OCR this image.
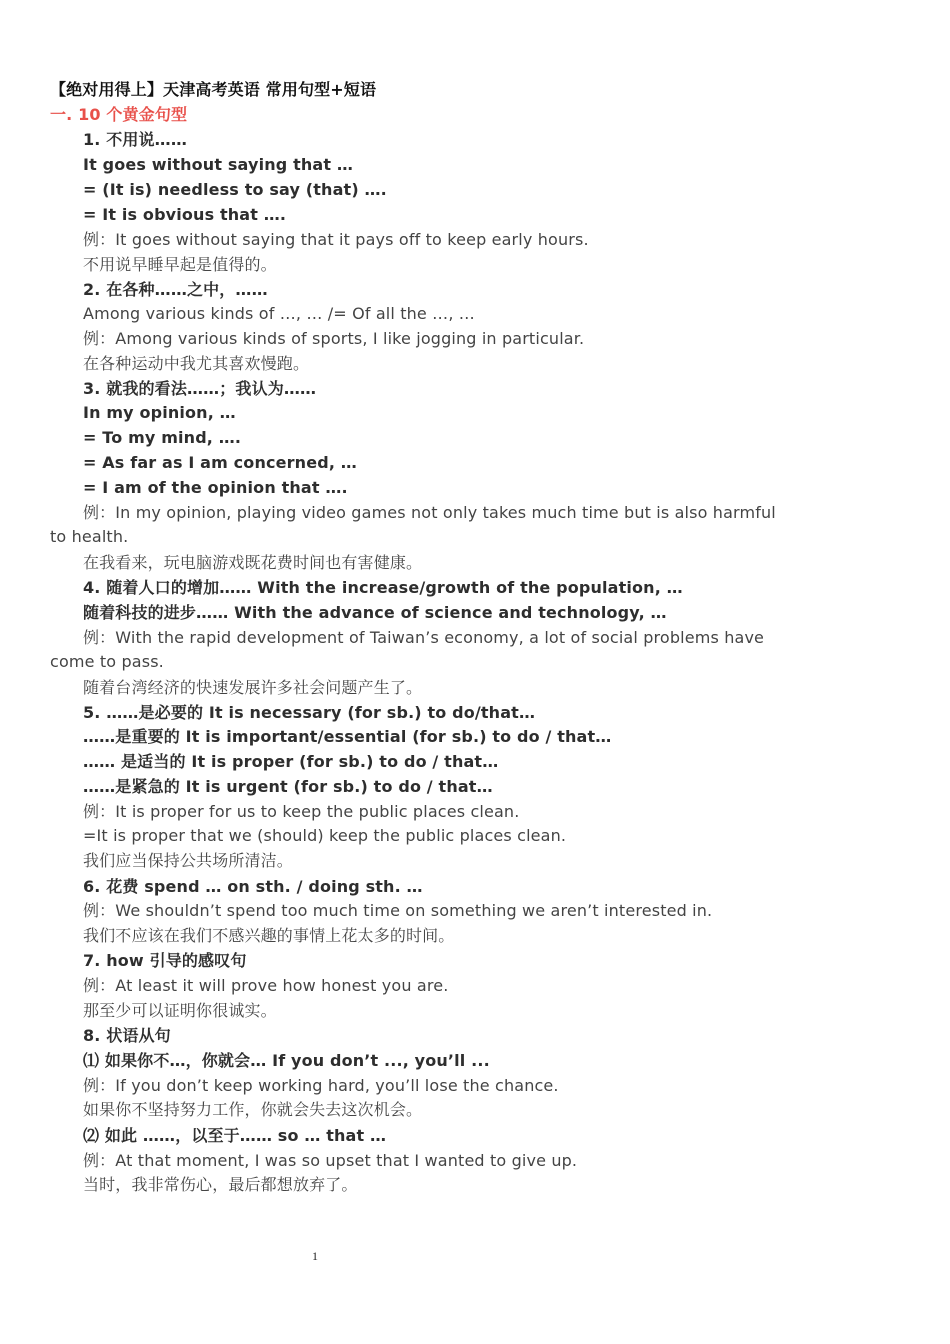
【绝对用得上】天津高考英语 常用句型+短语
一. 10 个黄金句型
1. 不用说……
It goes without saying that …
= (It is) needless to say (that) ….
= It is obvious that ….
例：It goes without saying that it pays off to keep early hours.
不用说早睡早起是值得的。
2. 在各种……之中，……
Among various kinds of …, … /= Of all the …, …
例：Among various kinds of sports, I like jogging in particular.
在各种运动中我尤其喜欢慢跑。
3. 就我的看法……；我认为……
In my opinion, …
= To my mind, ….
= As far as I am concerned, …
= I am of the opinion that ….
例：In my opinion, playing video games not only takes much time but is also harmful
to health.
在我看来，玩电脑游戏既花费时间也有害健康。
4. 随着人口的增加…… With the increase/growth of the population, …
随着科技的进步…… With the advance of science and technology, …
例：With the rapid development of Taiwan’s economy, a lot of social problems have
come to pass.
随着台湾经济的快速发展许多社会问题产生了。
5. ……是必要的 It is necessary (for sb.) to do/that…
……是重要的 It is important/essential (for sb.) to do / that…
…… 是适当的 It is proper (for sb.) to do / that…
……是紧急的 It is urgent (for sb.) to do / that…
例：It is proper for us to keep the public places clean.
=It is proper that we (should) keep the public places clean.
我们应当保持公共场所清洁。
6. 花费 spend … on sth. / doing sth. …
例：We shouldn’t spend too much time on something we aren’t interested in.
我们不应该在我们不感兴趣的事情上花太多的时间。
7. how 引导的感叹句
例：At least it will prove how honest you are.
那至少可以证明你很诚实。
8. 状语从句
⑴ 如果你不…，你就会… If you don’t ..., you’ll ...
例：If you don’t keep working hard, you’ll lose the chance.
如果你不坚持努力工作，你就会失去这次机会。
⑵ 如此 ……，以至于…… so … that …
例：At that moment, I was so upset that I wanted to give up.
当时，我非常伤心，最后都想放弃了。
1
